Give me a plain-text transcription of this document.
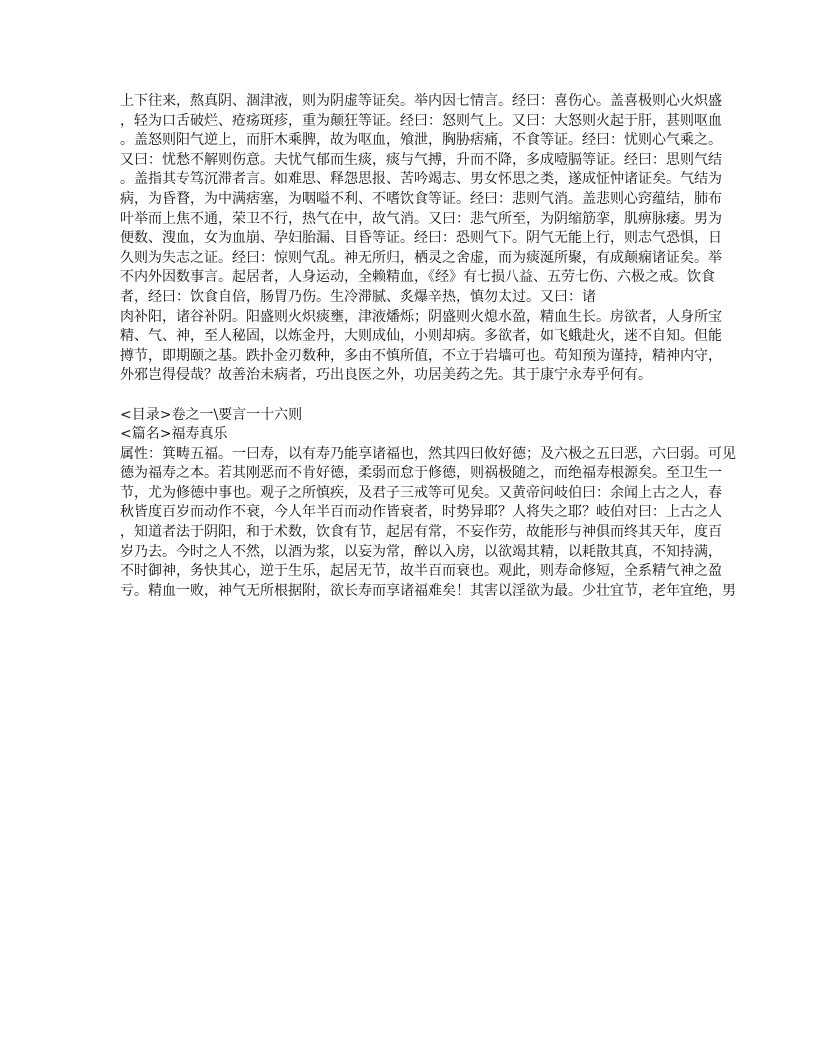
上下往来，熬真阴、涸津液，则为阴虚等证矣。举内因七情言。经曰：喜伤心。盖喜极则心火炽盛
，轻为口舌破烂、疮疡斑疹，重为颠狂等证。经曰：怒则气上。又曰：大怒则火起于肝，甚则呕血
。盖怒则阳气逆上，而肝木乘脾，故为呕血，飧泄，胸胁痞痛，不食等证。经曰：忧则心气乘之。
又曰：忧愁不解则伤意。夫忧气郁而生痰，痰与气搏，升而不降，多成噎膈等证。经曰：思则气结
。盖指其专笃沉滞者言。如难思、释怨思报、苦吟竭志、男女怀思之类，遂成怔忡诸证矣。气结为
病，为昏瞀，为中满痞塞，为咽嗌不利、不嗜饮食等证。经曰：悲则气消。盖悲则心窍蕴结，肺布
叶举而上焦不通，荣卫不行，热气在中，故气消。又曰：悲气所至，为阴缩筋挛，肌痹脉痿。男为
便数、溲血，女为血崩、孕妇胎漏、目昏等证。经曰：恐则气下。阴气无能上行，则志气恐惧，日
久则为失志之证。经曰：惊则气乱。神无所归，栖灵之舍虚，而为痰涎所聚，有成颠痫诸证矣。举
不内外因数事言。起居者，人身运动，全赖精血，《经》有七损八益、五劳七伤、六极之戒。饮食
者，经曰：饮食自倍，肠胃乃伤。生冷滞腻、炙爆辛热，慎勿太过。又曰：诸
肉补阳，诸谷补阴。阳盛则火炽痰壅，津液燔烁；阴盛则火熄水盈，精血生长。房欲者，人身所宝
精、气、神，至人秘固，以炼金丹，大则成仙，小则却病。多欲者，如飞蛾赴火，迷不自知。但能
撙节，即期颐之基。跌扑金刃数种，多由不慎所值，不立于岩墙可也。苟知预为谨持，精神内守，
外邪岂得侵哉？故善治未病者，巧出良医之外，功居美药之先。其于康宁永寿乎何有。
<目录>卷之一\要言一十六则
<篇名>福寿真乐
属性：箕畴五福。一曰寿，以有寿乃能享诸福也，然其四曰攸好德；及六极之五曰恶，六曰弱。可见
德为福寿之本。若其刚恶而不肯好德，柔弱而怠于修德，则祸极随之，而绝福寿根源矣。至卫生一
节，尤为修德中事也。观子之所慎疾，及君子三戒等可见矣。又黄帝问岐伯曰：余闻上古之人，春
秋皆度百岁而动作不衰，今人年半百而动作皆衰者，时势异耶？人将失之耶？岐伯对曰：上古之人
，知道者法于阴阳，和于术数，饮食有节，起居有常，不妄作劳，故能形与神俱而终其天年，度百
岁乃去。今时之人不然，以酒为浆，以妄为常，醉以入房，以欲竭其精，以耗散其真，不知持满，
不时御神，务快其心，逆于生乐，起居无节，故半百而衰也。观此，则寿命修短，全系精气神之盈
亏。精血一败，神气无所根据附，欲长寿而享诸福难矣！其害以淫欲为最。少壮宜节，老年宜绝，男
